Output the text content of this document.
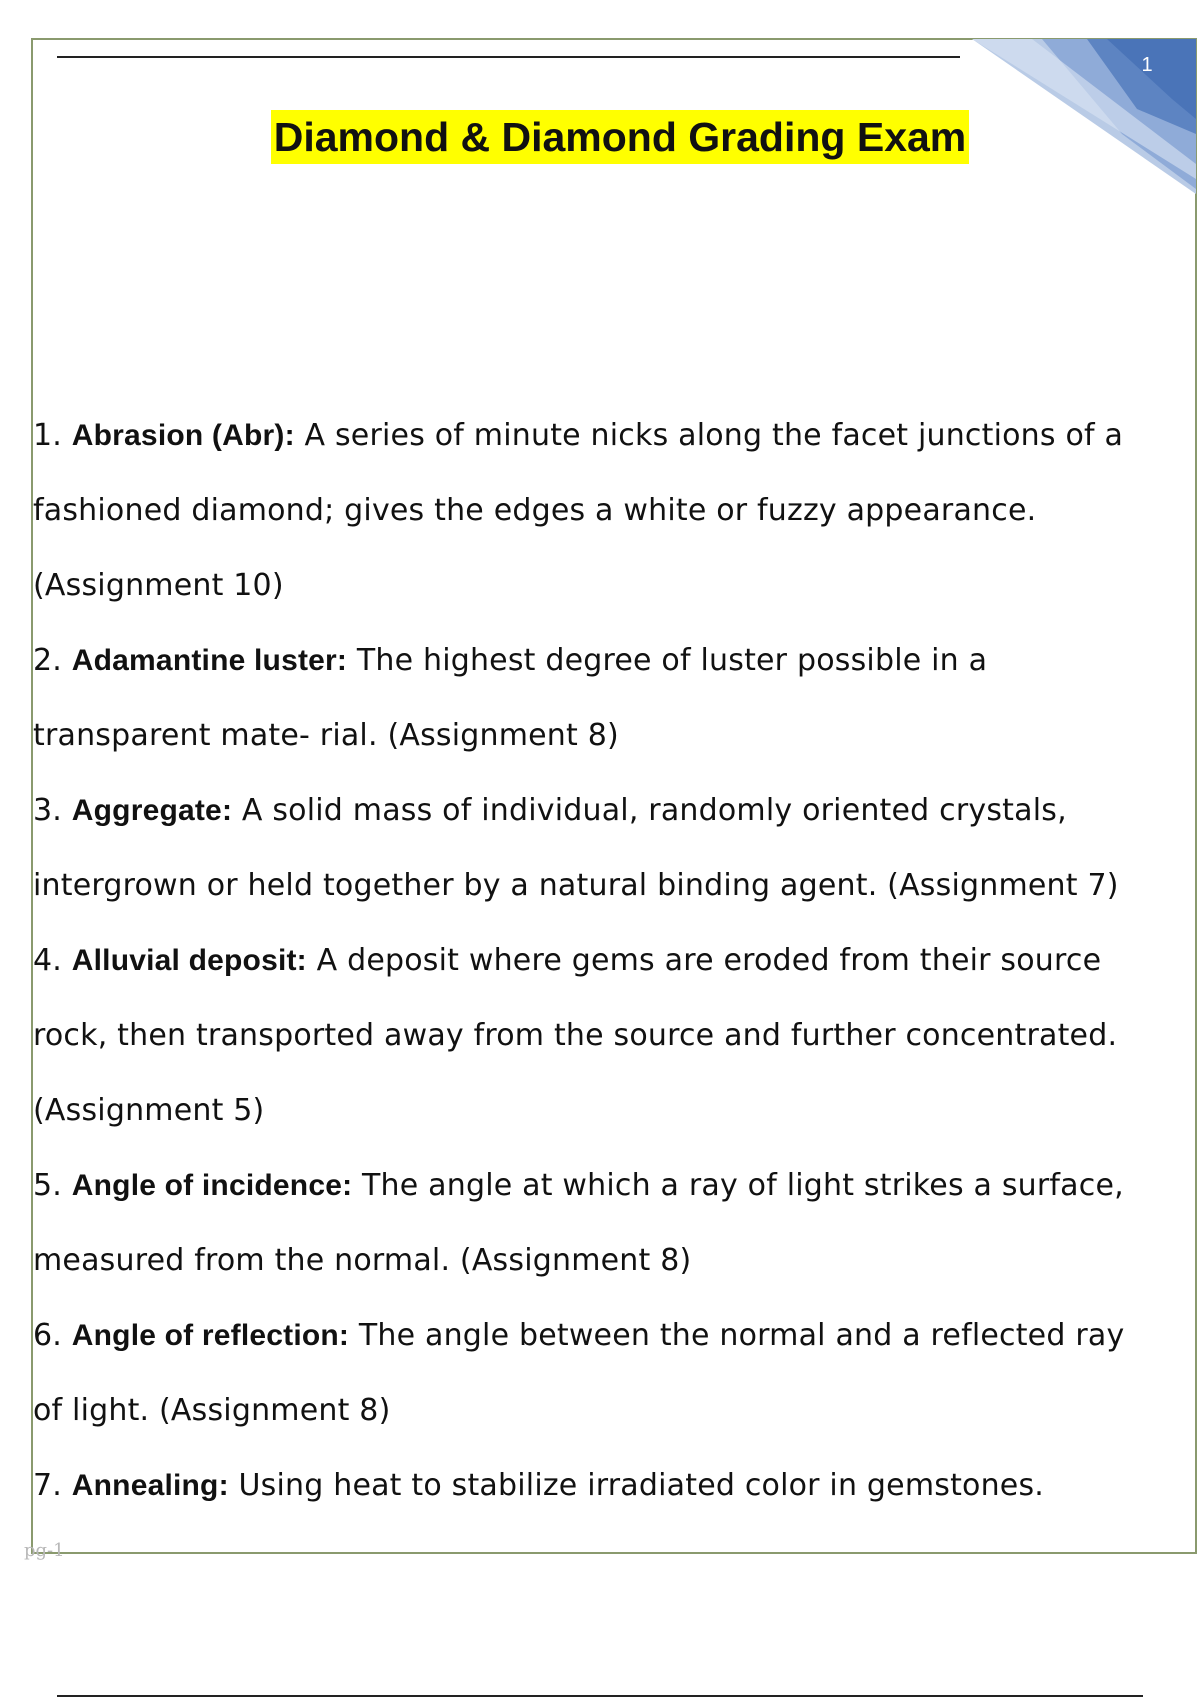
1
Diamond & Diamond Grading Exam
1. Abrasion (Abr): A series of minute nicks along the facet junctions of a
fashioned diamond; gives the edges a white or fuzzy appearance.
(Assignment 10)
2. Adamantine luster: The highest degree of luster possible in a
transparent mate- rial. (Assignment 8)
3. Aggregate: A solid mass of individual, randomly oriented crystals,
intergrown or held together by a natural binding agent. (Assignment 7)
4. Alluvial deposit: A deposit where gems are eroded from their source
rock, then transported away from the source and further concentrated.
(Assignment 5)
5. Angle of incidence: The angle at which a ray of light strikes a surface,
measured from the normal. (Assignment 8)
6. Angle of reflection: The angle between the normal and a reflected ray
of light. (Assignment 8)
7. Annealing: Using heat to stabilize irradiated color in gemstones.
pg-1
